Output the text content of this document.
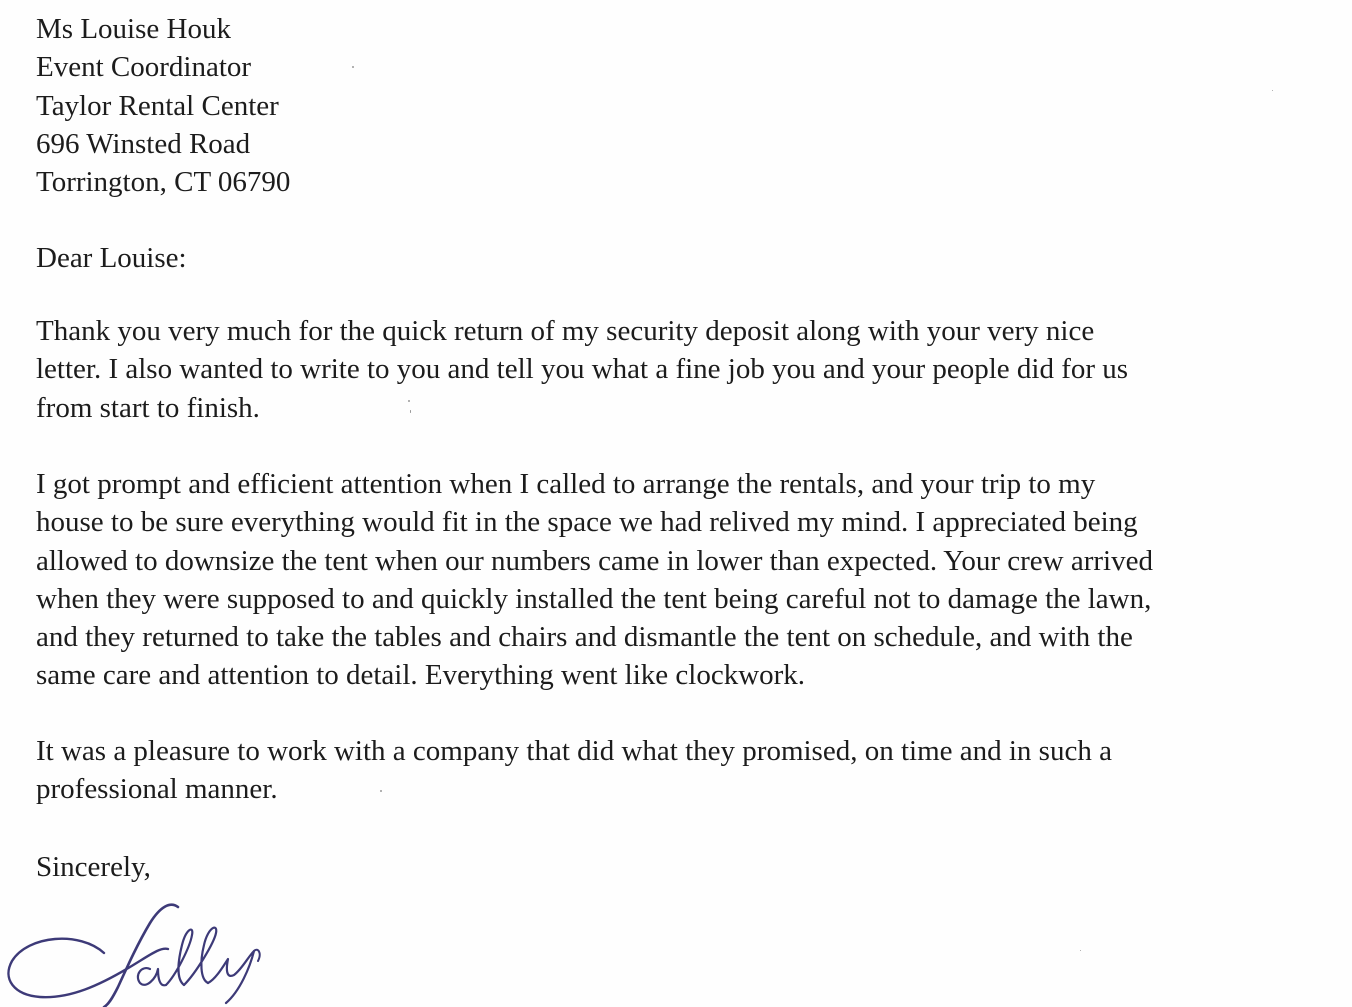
Ms Louise Houk
Event Coordinator
Taylor Rental Center
696 Winsted Road
Torrington, CT 06790
Dear Louise:

Thank you very much for the quick return of my security deposit along with your very nice
letter. I also wanted to write to you and tell you what a fine job you and your people did for us
from start to finish.

I got prompt and efficient attention when I called to arrange the rentals, and your trip to my
house to be sure everything would fit in the space we had relived my mind. I appreciated being
allowed to downsize the tent when our numbers came in lower than expected. Your crew arrived
when they were supposed to and quickly installed the tent being careful not to damage the lawn,
and they returned to take the tables and chairs and dismantle the tent on schedule, and with the
same care and attention to detail. Everything went like clockwork.

It was a pleasure to work with a company that did what they promised, on time and in such a
professional manner.

Sincerely,
